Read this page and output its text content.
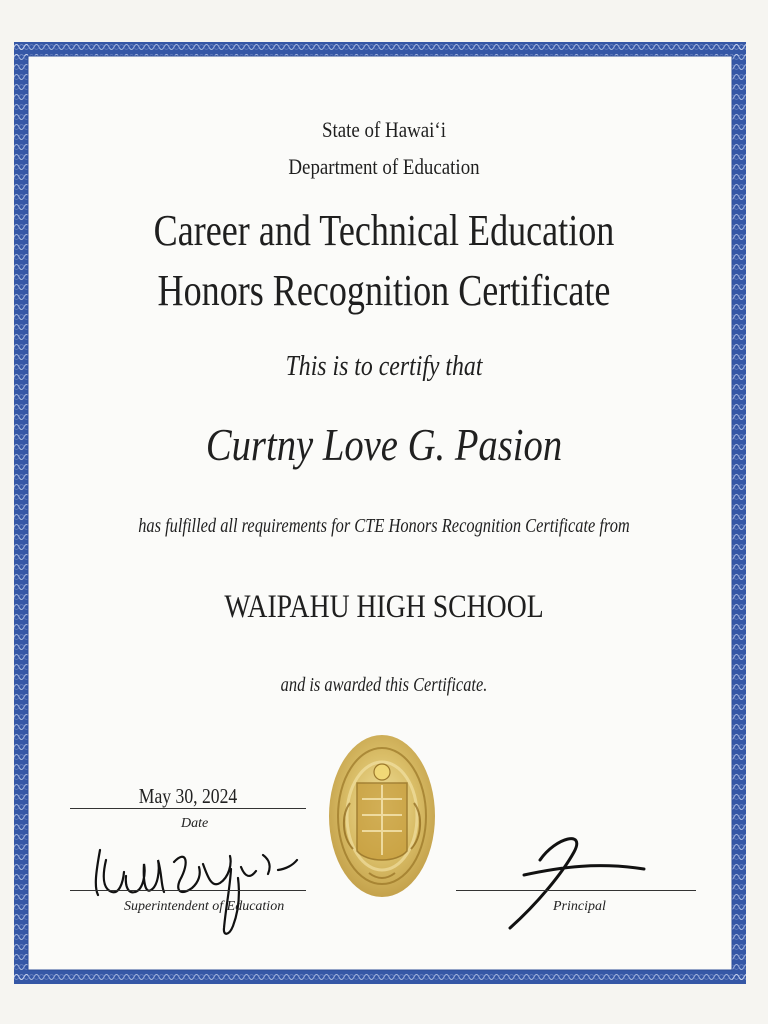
State of Hawaiʻi
Department of Education
Career and Technical Education
Honors Recognition Certificate
This is to certify that
Curtny Love G. Pasion
has fulfilled all requirements for CTE Honors Recognition Certificate from
WAIPAHU HIGH SCHOOL
and is awarded this Certificate.
May 30, 2024
Date
Superintendent of Education	Principal
